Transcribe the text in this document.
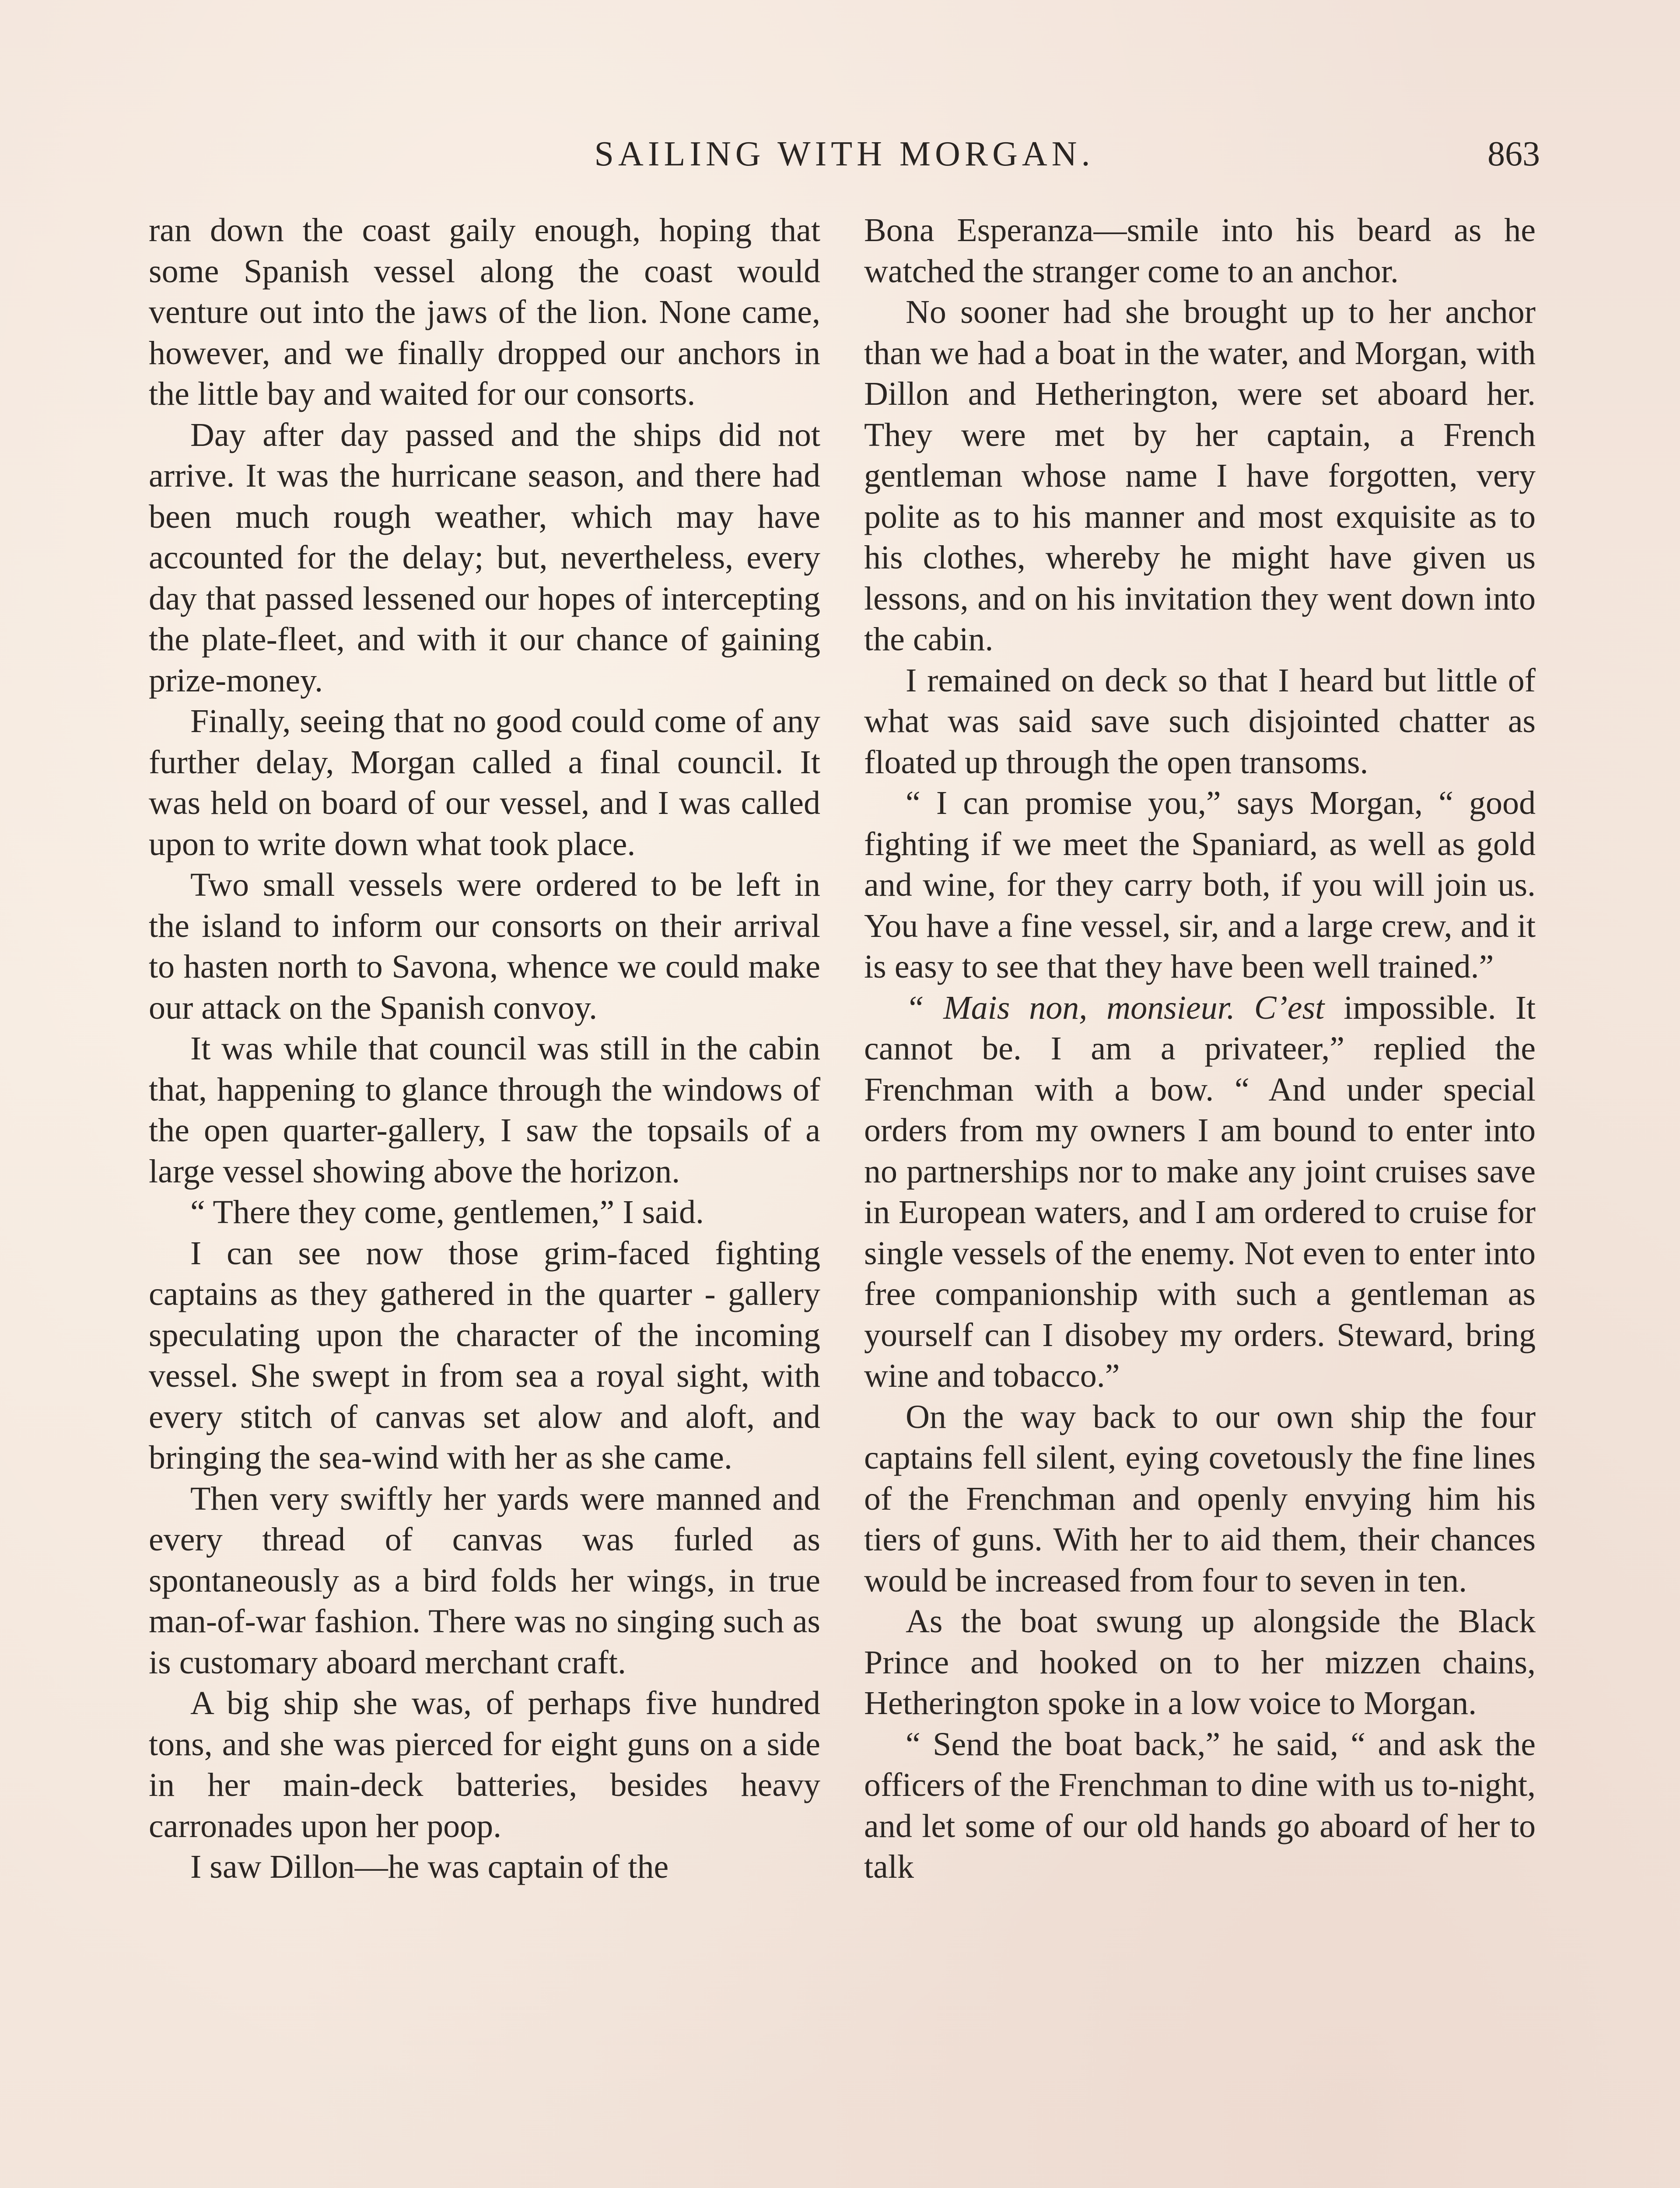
SAILING WITH MORGAN.	863

ran down the coast gaily enough, hoping that some Spanish vessel along the coast would venture out into the jaws of the lion. None came, however, and we finally dropped our anchors in the little bay and waited for our consorts.

Day after day passed and the ships did not arrive. It was the hurricane season, and there had been much rough weather, which may have accounted for the delay; but, nevertheless, every day that passed lessened our hopes of intercepting the plate-fleet, and with it our chance of gaining prize-money.

Finally, seeing that no good could come of any further delay, Morgan called a final council. It was held on board of our vessel, and I was called upon to write down what took place.

Two small vessels were ordered to be left in the island to inform our consorts on their arrival to hasten north to Savona, whence we could make our attack on the Spanish convoy.

It was while that council was still in the cabin that, happening to glance through the windows of the open quarter-gallery, I saw the topsails of a large vessel showing above the horizon.

“ There they come, gentlemen,” I said.

I can see now those grim-faced fighting captains as they gathered in the quarter - gallery speculating upon the character of the incoming vessel. She swept in from sea a royal sight, with every stitch of canvas set alow and aloft, and bringing the sea-wind with her as she came.

Then very swiftly her yards were manned and every thread of canvas was furled as spontaneously as a bird folds her wings, in true man-of-war fashion. There was no singing such as is customary aboard merchant craft.

A big ship she was, of perhaps five hundred tons, and she was pierced for eight guns on a side in her main-deck batteries, besides heavy carronades upon her poop.

I saw Dillon—he was captain of the

Bona Esperanza—smile into his beard as he watched the stranger come to an anchor.

No sooner had she brought up to her anchor than we had a boat in the water, and Morgan, with Dillon and Hetherington, were set aboard her. They were met by her captain, a French gentleman whose name I have forgotten, very polite as to his manner and most exquisite as to his clothes, whereby he might have given us lessons, and on his invitation they went down into the cabin.

I remained on deck so that I heard but little of what was said save such disjointed chatter as floated up through the open transoms.

“ I can promise you,” says Morgan, “ good fighting if we meet the Spaniard, as well as gold and wine, for they carry both, if you will join us. You have a fine vessel, sir, and a large crew, and it is easy to see that they have been well trained.”

“ Mais non, monsieur. C’est impossible. It cannot be. I am a privateer,” replied the Frenchman with a bow. “ And under special orders from my owners I am bound to enter into no partnerships nor to make any joint cruises save in European waters, and I am ordered to cruise for single vessels of the enemy. Not even to enter into free companionship with such a gentleman as yourself can I disobey my orders. Steward, bring wine and tobacco.”

On the way back to our own ship the four captains fell silent, eying covetously the fine lines of the Frenchman and openly envying him his tiers of guns. With her to aid them, their chances would be increased from four to seven in ten.

As the boat swung up alongside the Black Prince and hooked on to her mizzen chains, Hetherington spoke in a low voice to Morgan.

“ Send the boat back,” he said, “ and ask the officers of the Frenchman to dine with us to-night, and let some of our old hands go aboard of her to talk
